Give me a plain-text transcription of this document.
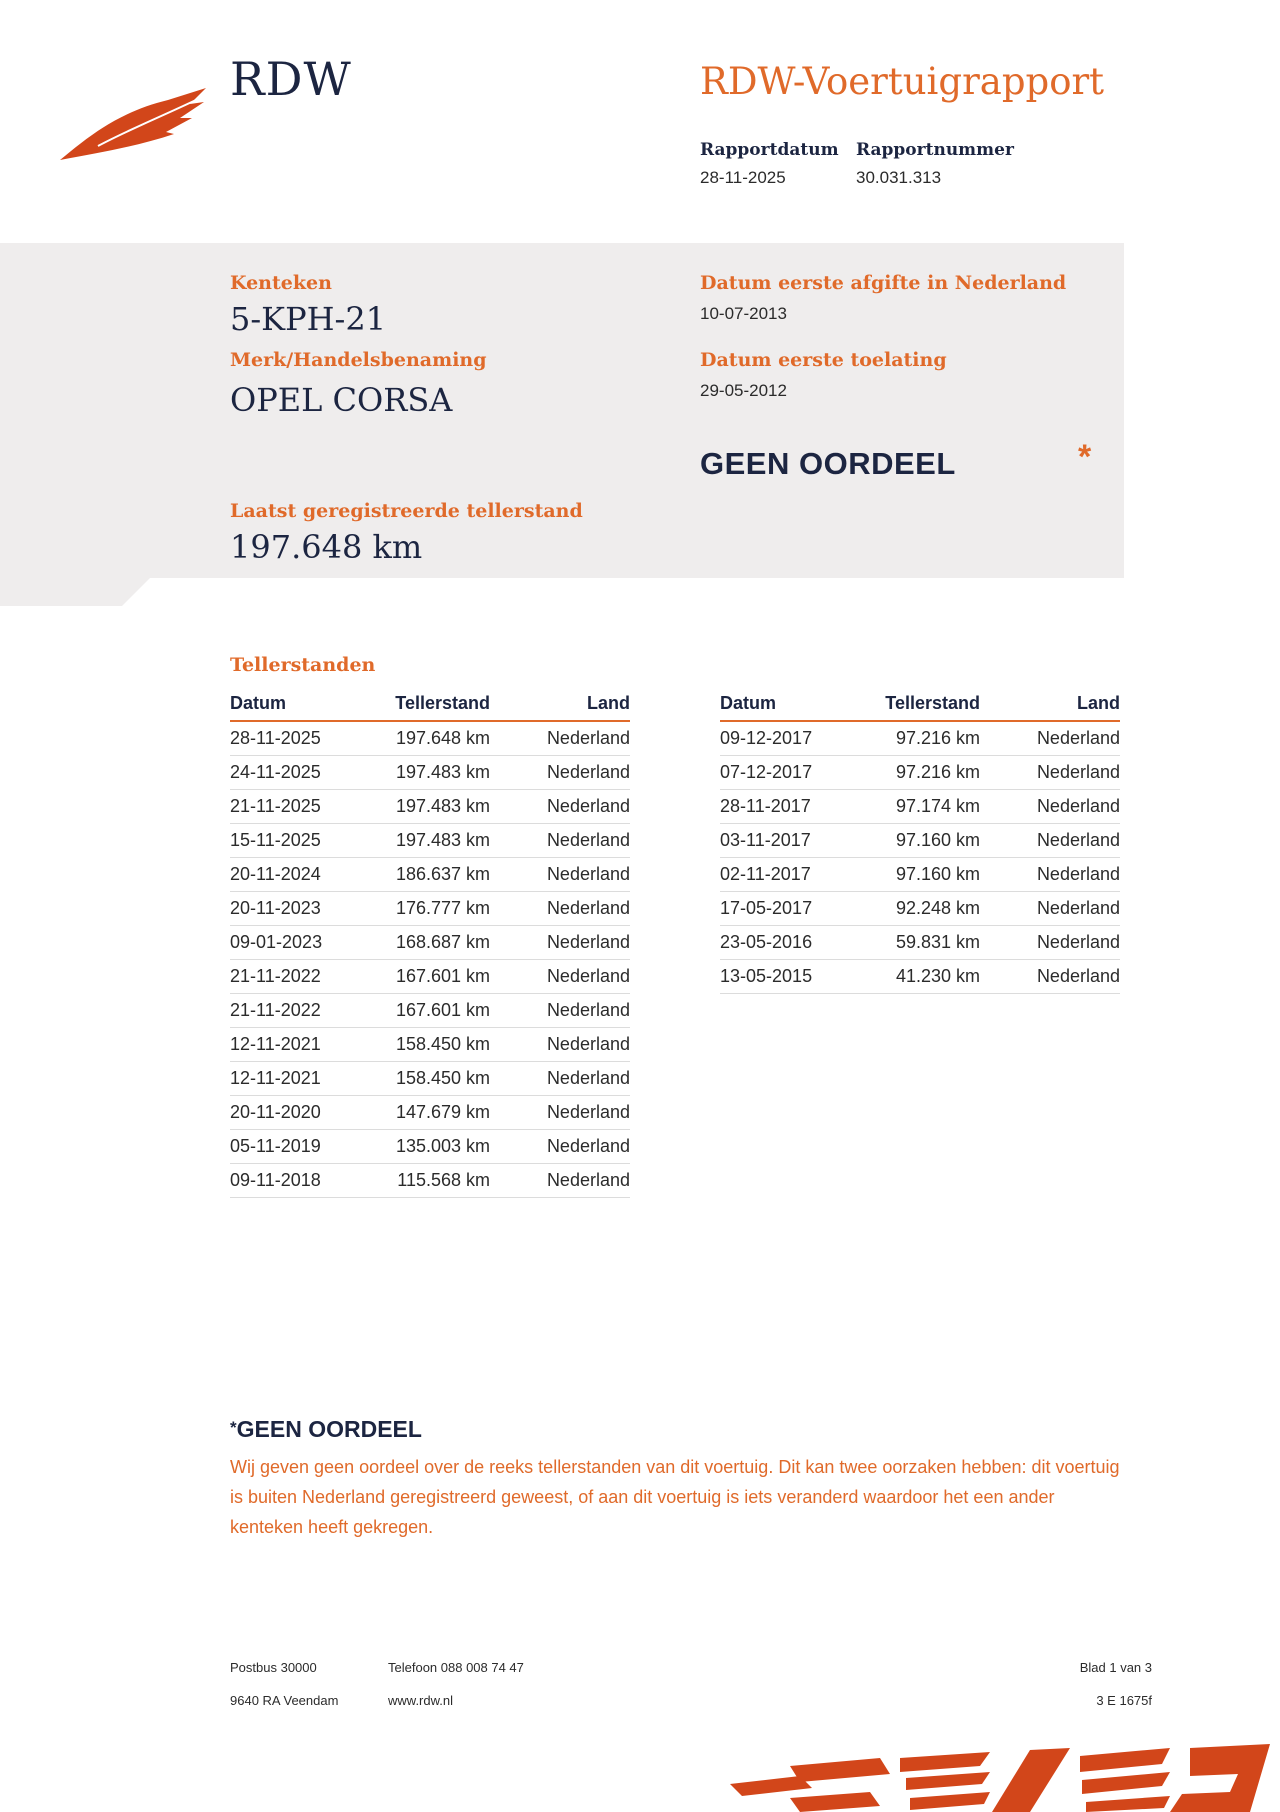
RDW	RDW-Voertuigrapport
Rapportdatum
28-11-2025
Rapportnummer
30.031.313
Kenteken
5-KPH-21
Merk/Handelsbenaming
OPEL CORSA
Datum eerste afgifte in Nederland
10-07-2013
Datum eerste toelating
29-05-2012
GEEN OORDEEL	*
Laatst geregistreerde tellerstand
197.648 km
Tellerstanden
Datum	Tellerstand	Land
28-11-2025	197.648 km	Nederland
24-11-2025	197.483 km	Nederland
21-11-2025	197.483 km	Nederland
15-11-2025	197.483 km	Nederland
20-11-2024	186.637 km	Nederland
20-11-2023	176.777 km	Nederland
09-01-2023	168.687 km	Nederland
21-11-2022	167.601 km	Nederland
21-11-2022	167.601 km	Nederland
12-11-2021	158.450 km	Nederland
12-11-2021	158.450 km	Nederland
20-11-2020	147.679 km	Nederland
05-11-2019	135.003 km	Nederland
09-11-2018	115.568 km	Nederland
Datum	Tellerstand	Land
09-12-2017	97.216 km	Nederland
07-12-2017	97.216 km	Nederland
28-11-2017	97.174 km	Nederland
03-11-2017	97.160 km	Nederland
02-11-2017	97.160 km	Nederland
17-05-2017	92.248 km	Nederland
23-05-2016	59.831 km	Nederland
13-05-2015	41.230 km	Nederland
*GEEN OORDEEL
Wij geven geen oordeel over de reeks tellerstanden van dit voertuig. Dit kan twee oorzaken hebben: dit voertuig is buiten Nederland geregistreerd geweest, of aan dit voertuig is iets veranderd waardoor het een ander kenteken heeft gekregen.
Postbus 30000
9640 RA Veendam
Telefoon 088 008 74 47
www.rdw.nl
Blad 1 van 3
3 E 1675f
